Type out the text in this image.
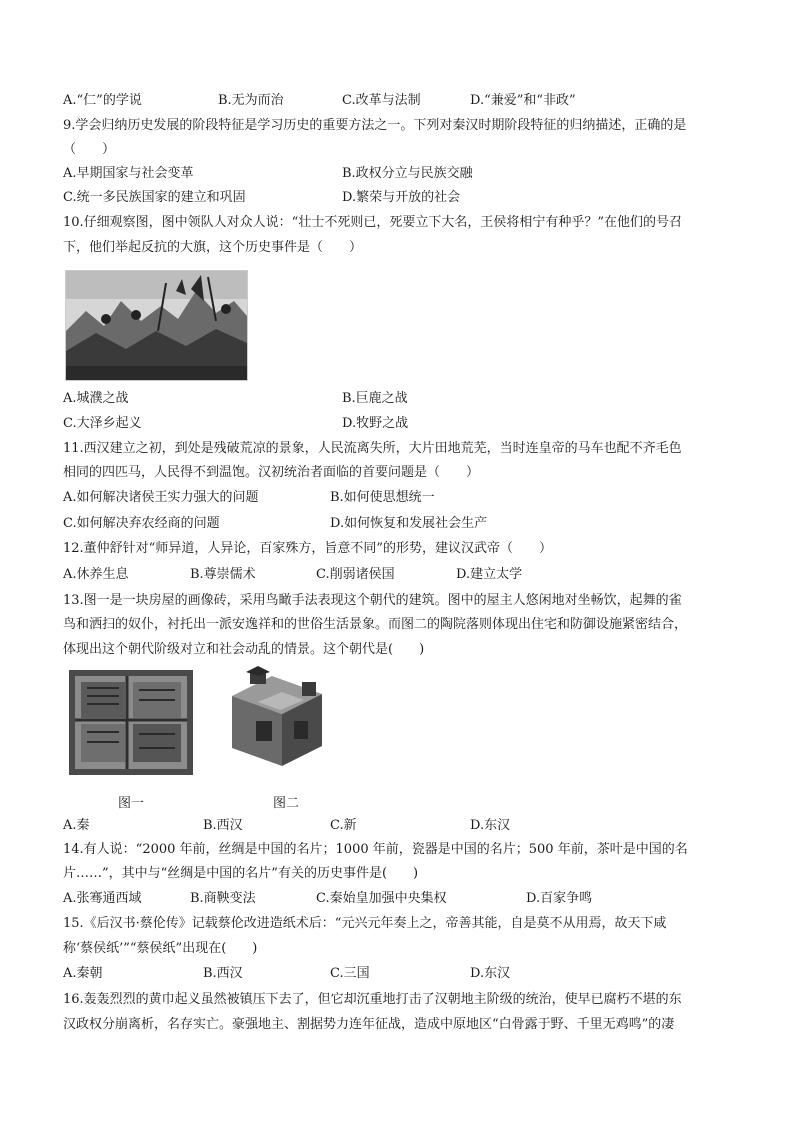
A.“仁”的学说	B.无为而治	C.改革与法制	D.“兼爱”和“非政”
9.学会归纳历史发展的阶段特征是学习历史的重要方法之一。下列对秦汉时期阶段特征的归纳描述，正确的是
（　　）
A.早期国家与社会变革	B.政权分立与民族交融
C.统一多民族国家的建立和巩固	D.繁荣与开放的社会
10.仔细观察图，图中领队人对众人说：“壮士不死则已，死要立下大名，王侯将相宁有种乎？”在他们的号召
下，他们举起反抗的大旗，这个历史事件是（　　）
A.城濮之战	B.巨鹿之战
C.大泽乡起义	D.牧野之战
11.西汉建立之初，到处是残破荒凉的景象，人民流离失所，大片田地荒芜，当时连皇帝的马车也配不齐毛色
相同的四匹马，人民得不到温饱。汉初统治者面临的首要问题是（　　）
A.如何解决诸侯王实力强大的问题	B.如何使思想统一
C.如何解决弃农经商的问题	D.如何恢复和发展社会生产
12.董仲舒针对“师异道，人异论，百家殊方，旨意不同”的形势，建议汉武帝（　　）
A.休养生息	B.尊崇儒术	C.削弱诸侯国	D.建立太学
13.图一是一块房屋的画像砖，采用鸟瞰手法表现这个朝代的建筑。图中的屋主人悠闲地对坐畅饮，起舞的雀
鸟和洒扫的奴仆，衬托出一派安逸祥和的世俗生活景象。而图二的陶院落则体现出住宅和防御设施紧密结合，
体现出这个朝代阶级对立和社会动乱的情景。这个朝代是(　　)
图一	图二
A.秦	B.西汉	C.新	D.东汉
14.有人说：“2000 年前，丝绸是中国的名片；1000 年前，瓷器是中国的名片；500 年前，茶叶是中国的名
片……”，其中与“丝绸是中国的名片”有关的历史事件是(　　)
A.张骞通西域	B.商鞅变法	C.秦始皇加强中央集权	D.百家争鸣
15.《后汉书·蔡伦传》记载蔡伦改进造纸术后：“元兴元年奏上之，帝善其能，自是莫不从用焉，故天下咸
称‘蔡侯纸’”“蔡侯纸”出现在(　　)
A.秦朝	B.西汉	C.三国	D.东汉
16.轰轰烈烈的黄巾起义虽然被镇压下去了，但它却沉重地打击了汉朝地主阶级的统治，使早已腐朽不堪的东
汉政权分崩离析，名存实亡。豪强地主、割据势力连年征战，造成中原地区“白骨露于野、千里无鸡鸣”的凄
